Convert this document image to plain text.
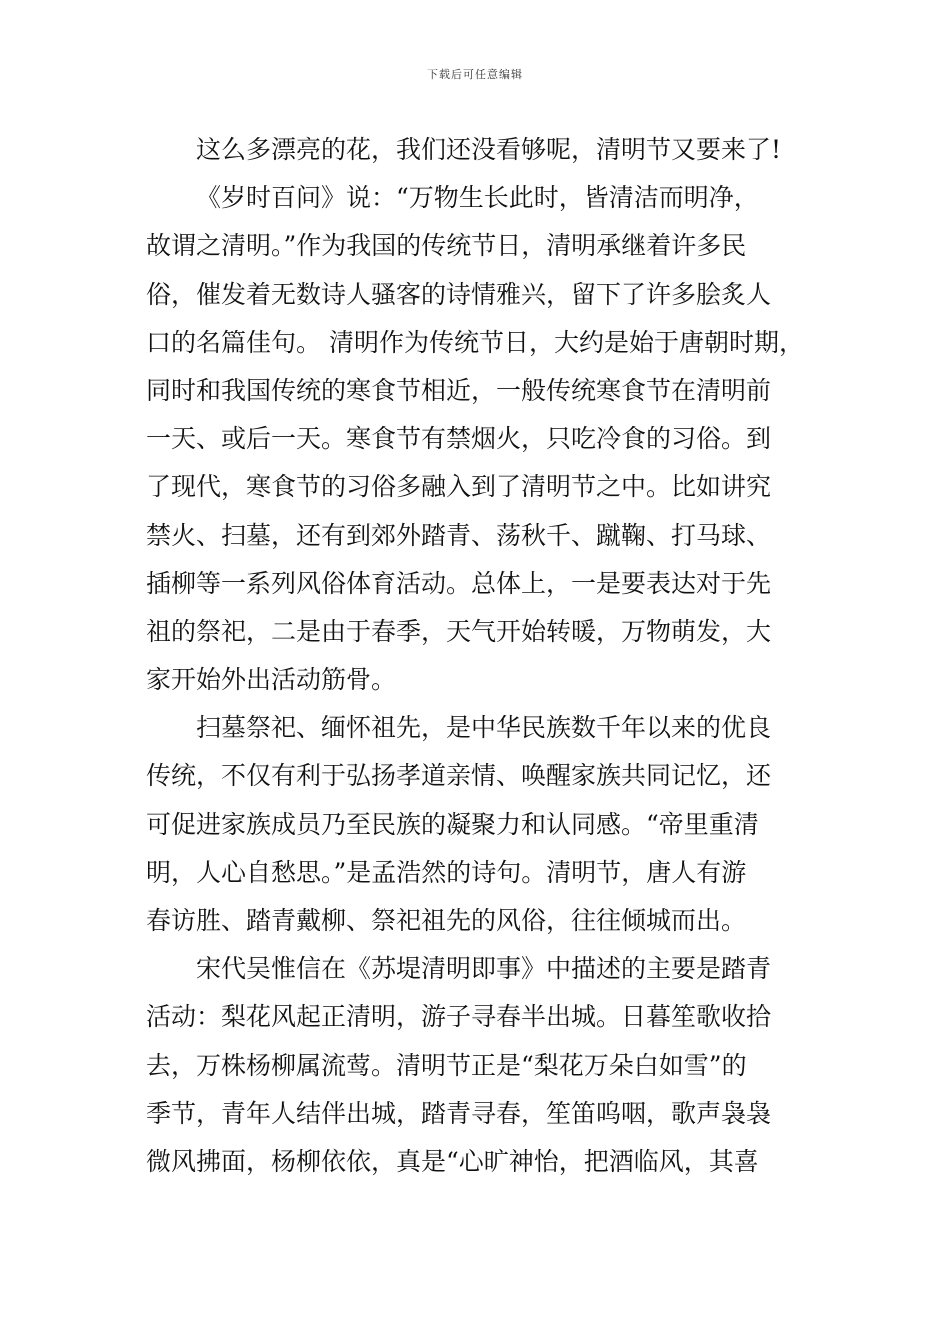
下载后可任意编辑
这么多漂亮的花，我们还没看够呢，清明节又要来了!
《岁时百问》说：“万物生长此时，皆清洁而明净，
故谓之清明。”作为我国的传统节日，清明承继着许多民
俗，催发着无数诗人骚客的诗情雅兴，留下了许多脍炙人
口的名篇佳句。 清明作为传统节日，大约是始于唐朝时期，
同时和我国传统的寒食节相近，一般传统寒食节在清明前
一天、或后一天。寒食节有禁烟火，只吃冷食的习俗。到
了现代，寒食节的习俗多融入到了清明节之中。比如讲究
禁火、扫墓，还有到郊外踏青、荡秋千、蹴鞠、打马球、
插柳等一系列风俗体育活动。总体上，一是要表达对于先
祖的祭祀，二是由于春季，天气开始转暖，万物萌发，大
家开始外出活动筋骨。
扫墓祭祀、缅怀祖先，是中华民族数千年以来的优良
传统，不仅有利于弘扬孝道亲情、唤醒家族共同记忆，还
可促进家族成员乃至民族的凝聚力和认同感。“帝里重清
明，人心自愁思。”是孟浩然的诗句。清明节，唐人有游
春访胜、踏青戴柳、祭祀祖先的风俗，往往倾城而出。
宋代吴惟信在《苏堤清明即事》中描述的主要是踏青
活动：梨花风起正清明，游子寻春半出城。日暮笙歌收拾
去，万株杨柳属流莺。清明节正是“梨花万朵白如雪”的
季节，青年人结伴出城，踏青寻春，笙笛呜咽，歌声袅袅
微风拂面，杨柳依依，真是“心旷神怡，把酒临风，其喜
